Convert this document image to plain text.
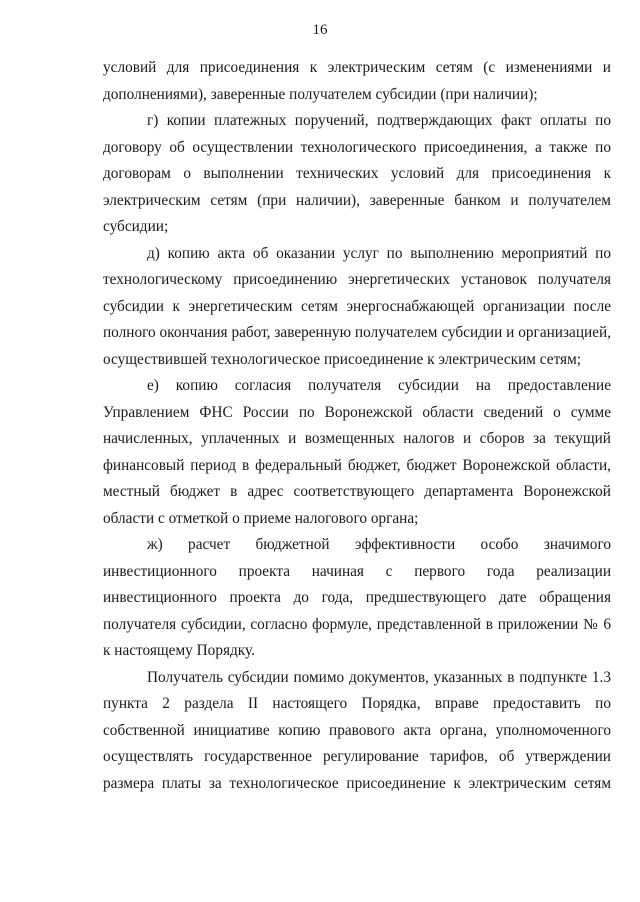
16

условий для присоединения к электрическим сетям (с изменениями и дополнениями), заверенные получателем субсидии (при наличии);

г) копии платежных поручений, подтверждающих факт оплаты по договору об осуществлении технологического присоединения, а также по договорам о выполнении технических условий для присоединения к электрическим сетям (при наличии), заверенные банком и получателем субсидии;

д) копию акта об оказании услуг по выполнению мероприятий по технологическому присоединению энергетических установок получателя субсидии к энергетическим сетям энергоснабжающей организации после полного окончания работ, заверенную получателем субсидии и организацией, осуществившей технологическое присоединение к электрическим сетям;

е) копию согласия получателя субсидии на предоставление Управлением ФНС России по Воронежской области сведений о сумме начисленных, уплаченных и возмещенных налогов и сборов за текущий финансовый период в федеральный бюджет, бюджет Воронежской области, местный бюджет в адрес соответствующего департамента Воронежской области с отметкой о приеме налогового органа;

ж) расчет бюджетной эффективности особо значимого инвестиционного проекта начиная с первого года реализации инвестиционного проекта до года, предшествующего дате обращения получателя субсидии, согласно формуле, представленной в приложении № 6 к настоящему Порядку.

Получатель субсидии помимо документов, указанных в подпункте 1.3 пункта 2 раздела II настоящего Порядка, вправе предоставить по собственной инициативе копию правового акта органа, уполномоченного осуществлять государственное регулирование тарифов, об утверждении размера платы за технологическое присоединение к электрическим сетям
